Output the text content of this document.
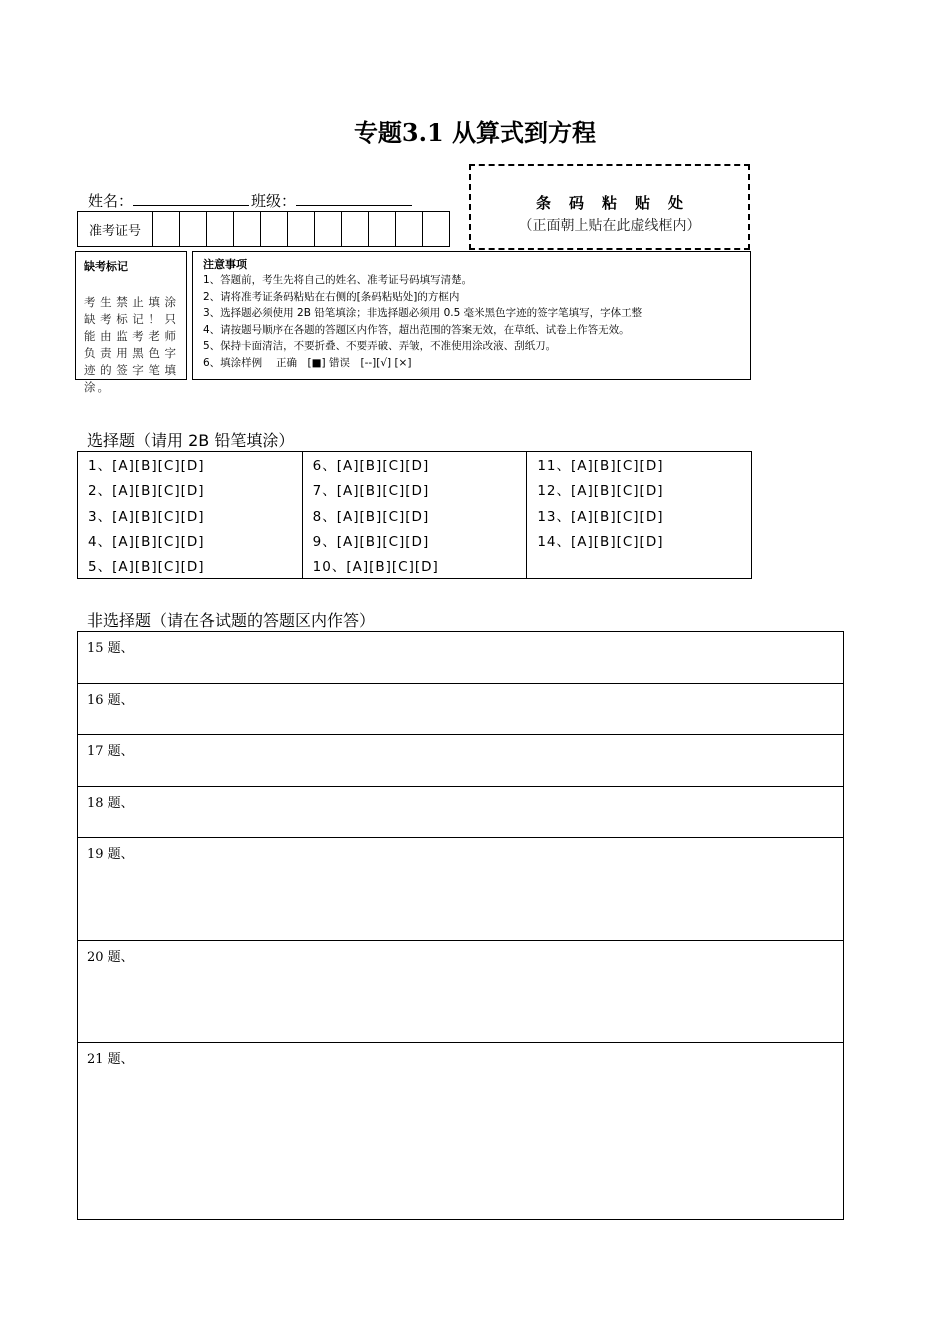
专题3.1 从算式到方程
姓名：	班级：
准考证号
条码粘贴处
（正面朝上贴在此虚线框内）
缺考标记
考生禁止填涂缺考标记！只能由监考老师负责用黑色字迹的签字笔填涂。
注意事项
1、答题前，考生先将自己的姓名、准考证号码填写清楚。
2、请将准考证条码粘贴在右侧的[条码粘贴处]的方框内
3、选择题必须使用 2B 铅笔填涂；非选择题必须用 0.5 毫米黑色字迹的签字笔填写，字体工整
4、请按题号顺序在各题的答题区内作答，超出范围的答案无效，在草纸、试卷上作答无效。
5、保持卡面清洁，不要折叠、不要弄破、弄皱，不准使用涂改液、刮纸刀。
6、填涂样例　 正确　[■] 错误　[--][√] [×]
选择题（请用 2B 铅笔填涂）
1、[A][B][C][D]
2、[A][B][C][D]
3、[A][B][C][D]
4、[A][B][C][D]
5、[A][B][C][D]
6、[A][B][C][D]
7、[A][B][C][D]
8、[A][B][C][D]
9、[A][B][C][D]
10、[A][B][C][D]
11、[A][B][C][D]
12、[A][B][C][D]
13、[A][B][C][D]
14、[A][B][C][D]
非选择题（请在各试题的答题区内作答）
15 题、
16 题、
17 题、
18 题、
19 题、
20 题、
21 题、
